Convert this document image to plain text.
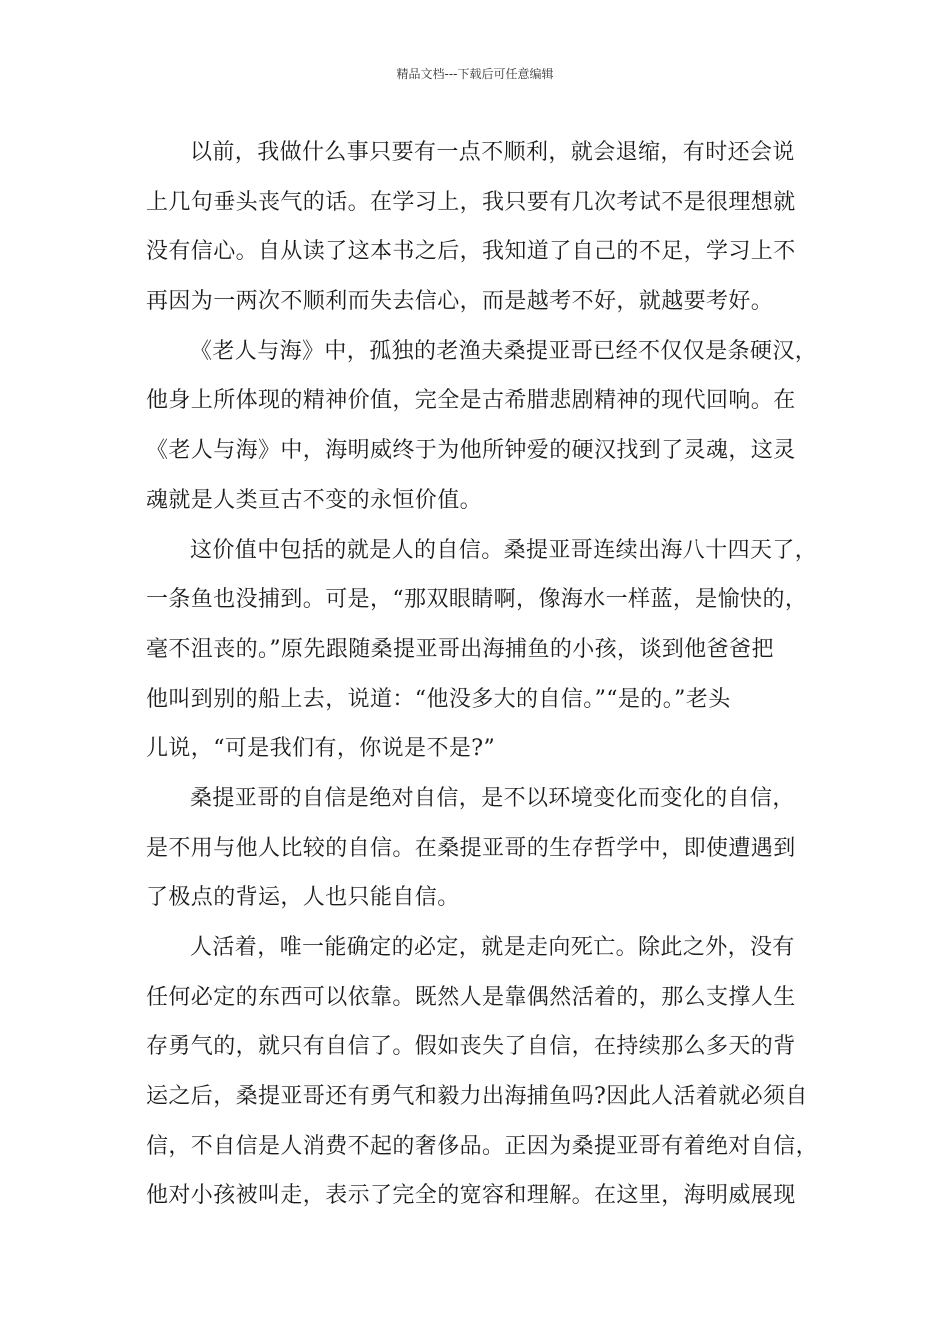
精品文档---下载后可任意编辑
以前，我做什么事只要有一点不顺利，就会退缩，有时还会说
上几句垂头丧气的话。在学习上，我只要有几次考试不是很理想就
没有信心。自从读了这本书之后，我知道了自己的不足，学习上不
再因为一两次不顺利而失去信心，而是越考不好，就越要考好。
《老人与海》中，孤独的老渔夫桑提亚哥已经不仅仅是条硬汉，
他身上所体现的精神价值，完全是古希腊悲剧精神的现代回响。在
《老人与海》中，海明威终于为他所钟爱的硬汉找到了灵魂，这灵
魂就是人类亘古不变的永恒价值。
这价值中包括的就是人的自信。桑提亚哥连续出海八十四天了，
一条鱼也没捕到。可是，“那双眼睛啊，像海水一样蓝，是愉快的，
毫不沮丧的。”原先跟随桑提亚哥出海捕鱼的小孩，谈到他爸爸把
他叫到别的船上去，说道：“他没多大的自信。”“是的。”老头
儿说，“可是我们有，你说是不是?”
桑提亚哥的自信是绝对自信，是不以环境变化而变化的自信，
是不用与他人比较的自信。在桑提亚哥的生存哲学中，即使遭遇到
了极点的背运，人也只能自信。
人活着，唯一能确定的必定，就是走向死亡。除此之外，没有
任何必定的东西可以依靠。既然人是靠偶然活着的，那么支撑人生
存勇气的，就只有自信了。假如丧失了自信，在持续那么多天的背
运之后，桑提亚哥还有勇气和毅力出海捕鱼吗?因此人活着就必须自
信，不自信是人消费不起的奢侈品。正因为桑提亚哥有着绝对自信，
他对小孩被叫走，表示了完全的宽容和理解。在这里，海明威展现
